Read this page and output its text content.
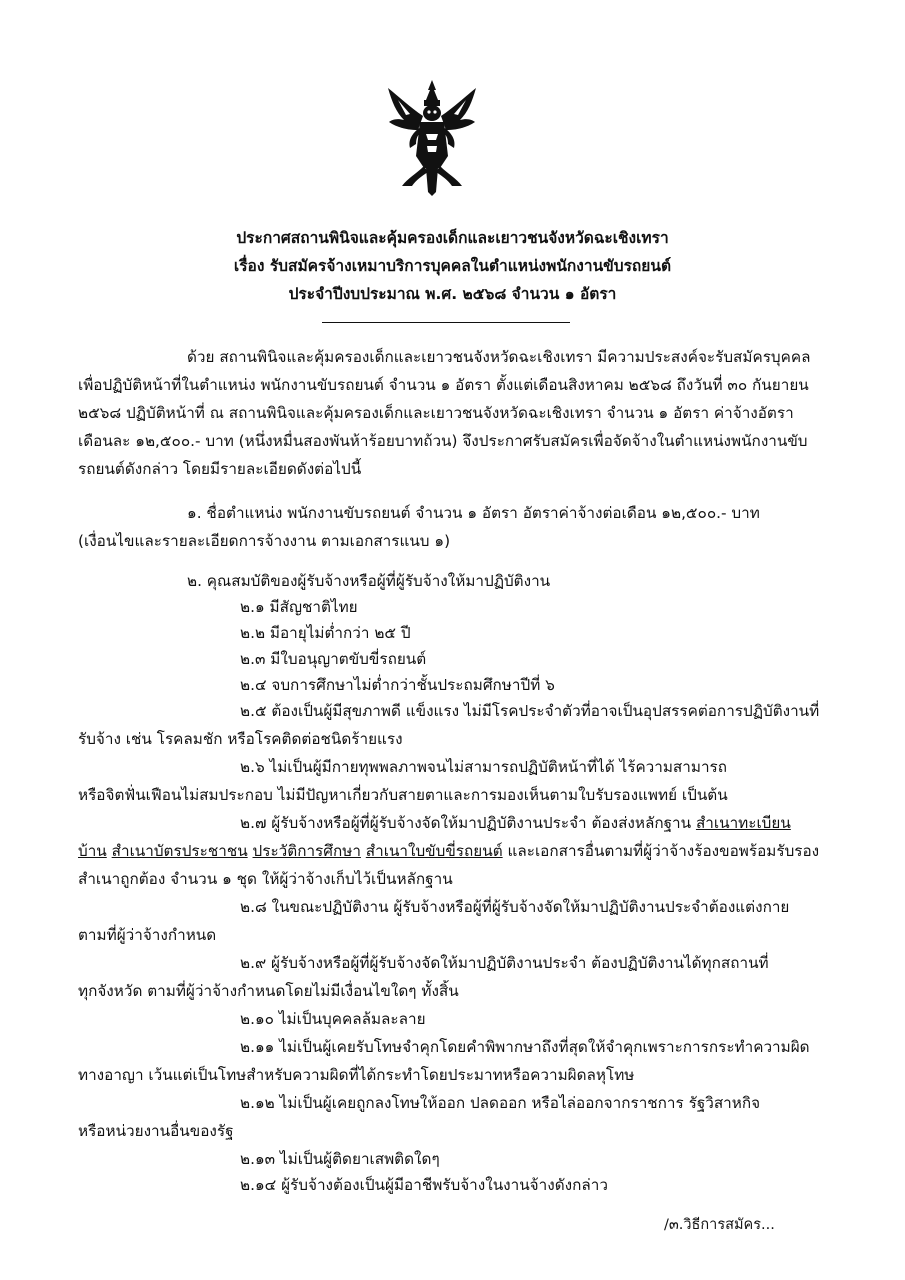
ประกาศสถานพินิจและคุ้มครองเด็กและเยาวชนจังหวัดฉะเชิงเทรา
เรื่อง รับสมัครจ้างเหมาบริการบุคคลในตำแหน่งพนักงานขับรถยนต์
ประจำปีงบประมาณ พ.ศ. ๒๕๖๘ จำนวน ๑ อัตรา
ด้วย สถานพินิจและคุ้มครองเด็กและเยาวชนจังหวัดฉะเชิงเทรา มีความประสงค์จะรับสมัครบุคคล
เพื่อปฏิบัติหน้าที่ในตำแหน่ง พนักงานขับรถยนต์ จำนวน ๑ อัตรา ตั้งแต่เดือนสิงหาคม ๒๕๖๘ ถึงวันที่ ๓๐ กันยายน
๒๕๖๘ ปฏิบัติหน้าที่ ณ สถานพินิจและคุ้มครองเด็กและเยาวชนจังหวัดฉะเชิงเทรา จำนวน ๑ อัตรา ค่าจ้างอัตรา
เดือนละ ๑๒,๕๐๐.- บาท (หนึ่งหมื่นสองพันห้าร้อยบาทถ้วน) จึงประกาศรับสมัครเพื่อจัดจ้างในตำแหน่งพนักงานขับ
รถยนต์ดังกล่าว โดยมีรายละเอียดดังต่อไปนี้
๑. ชื่อตำแหน่ง พนักงานขับรถยนต์ จำนวน ๑ อัตรา อัตราค่าจ้างต่อเดือน ๑๒,๕๐๐.- บาท
(เงื่อนไขและรายละเอียดการจ้างงาน ตามเอกสารแนบ ๑)
๒. คุณสมบัติของผู้รับจ้างหรือผู้ที่ผู้รับจ้างให้มาปฏิบัติงาน
๒.๑ มีสัญชาติไทย
๒.๒ มีอายุไม่ต่ำกว่า ๒๕ ปี
๒.๓ มีใบอนุญาตขับขี่รถยนต์
๒.๔ จบการศึกษาไม่ต่ำกว่าชั้นประถมศึกษาปีที่ ๖
๒.๕ ต้องเป็นผู้มีสุขภาพดี แข็งแรง ไม่มีโรคประจำตัวที่อาจเป็นอุปสรรคต่อการปฏิบัติงานที่
รับจ้าง เช่น โรคลมชัก หรือโรคติดต่อชนิดร้ายแรง
๒.๖ ไม่เป็นผู้มีกายทุพพลภาพจนไม่สามารถปฏิบัติหน้าที่ได้ ไร้ความสามารถ
หรือจิตฟั่นเฟือนไม่สมประกอบ ไม่มีปัญหาเกี่ยวกับสายตาและการมองเห็นตามใบรับรองแพทย์ เป็นต้น
๒.๗ ผู้รับจ้างหรือผู้ที่ผู้รับจ้างจัดให้มาปฏิบัติงานประจำ ต้องส่งหลักฐาน สำเนาทะเบียน
บ้าน สำเนาบัตรประชาชน ประวัติการศึกษา สำเนาใบขับขี่รถยนต์ และเอกสารอื่นตามที่ผู้ว่าจ้างร้องขอพร้อมรับรอง
สำเนาถูกต้อง จำนวน ๑ ชุด ให้ผู้ว่าจ้างเก็บไว้เป็นหลักฐาน
๒.๘ ในขณะปฏิบัติงาน ผู้รับจ้างหรือผู้ที่ผู้รับจ้างจัดให้มาปฏิบัติงานประจำต้องแต่งกาย
ตามที่ผู้ว่าจ้างกำหนด
๒.๙ ผู้รับจ้างหรือผู้ที่ผู้รับจ้างจัดให้มาปฏิบัติงานประจำ ต้องปฏิบัติงานได้ทุกสถานที่
ทุกจังหวัด ตามที่ผู้ว่าจ้างกำหนดโดยไม่มีเงื่อนไขใดๆ ทั้งสิ้น
๒.๑๐ ไม่เป็นบุคคลล้มละลาย
๒.๑๑ ไม่เป็นผู้เคยรับโทษจำคุกโดยคำพิพากษาถึงที่สุดให้จำคุกเพราะการกระทำความผิด
ทางอาญา เว้นแต่เป็นโทษสำหรับความผิดที่ได้กระทำโดยประมาทหรือความผิดลหุโทษ
๒.๑๒ ไม่เป็นผู้เคยถูกลงโทษให้ออก ปลดออก หรือไล่ออกจากราชการ รัฐวิสาหกิจ
หรือหน่วยงานอื่นของรัฐ
๒.๑๓ ไม่เป็นผู้ติดยาเสพติดใดๆ
๒.๑๔ ผู้รับจ้างต้องเป็นผู้มีอาชีพรับจ้างในงานจ้างดังกล่าว
/๓.วิธีการสมัคร...
